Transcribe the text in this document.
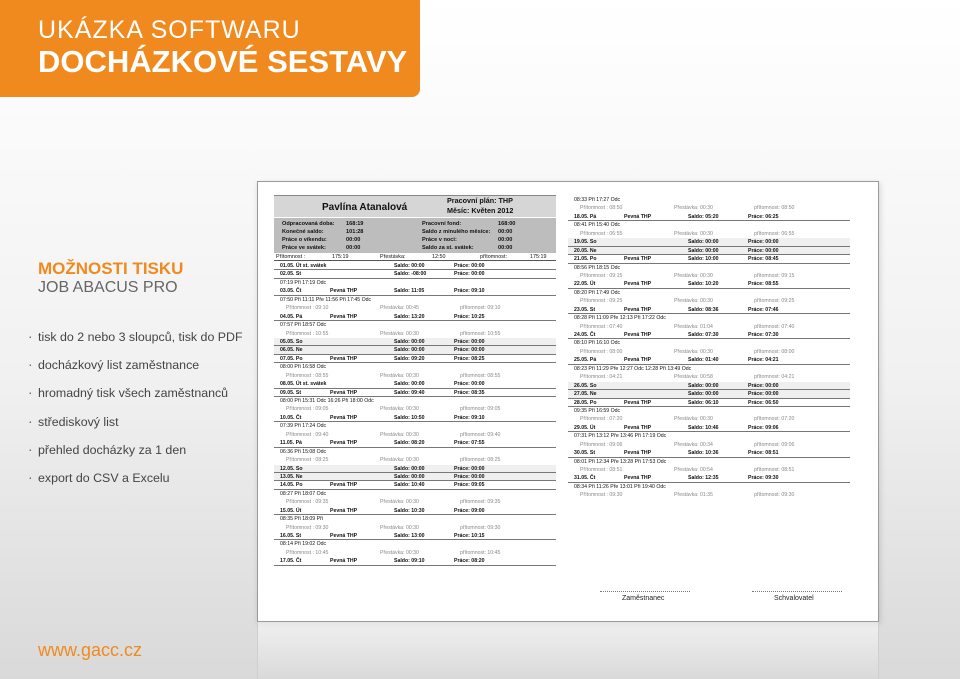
UKÁZKA SOFTWARU
DOCHÁZKOVÉ SESTAVY
MOŽNOSTI TISKU
JOB ABACUS PRO
· tisk do 2 nebo 3 sloupců, tisk do PDF
· docházkový list zaměstnance
· hromadný tisk všech zaměstnanců
· střediskový list
· přehled docházky za 1 den
· export do CSV a Excelu
www.gacc.cz
Pavlína Atanalová
Pracovní plán: THP
Měsíc: Květen 2012
Odpracovaná doba: 168:19	Pracovní fond:	168:00
Konečné saldo:	101:28	Saldo z minulého měsíce: 00:00
Práce o víkendu:	00:00	Práce v noci:	00:00
Práce ve svátek:	00:00	Saldo za st. svátek:	00:00
Přítomnost :	175:19	Přestávka:	12:50	přítomnost:	175:19
01.05. Út st. svátek	Saldo: 00:00	Práce: 00:00
02.05. St	Saldo: -08:00	Práce: 00:00
07:19 Při 17:19 Odc
03.05. Čt	Pevná THP	Saldo: 11:05	Práce: 09:10
07:50 Při 11:11 Pře 11:56 Při 17:45 Odc
Přítomnost : 09:10	Přestávka: 00:45	přítomnost: 09:10
04.05. Pá	Pevná THP	Saldo: 13:20	Práce: 10:25
07:57 Při 18:57 Odc
Přítomnost : 10:55	Přestávka: 00:30	přítomnost: 10:55
05.05. So	Saldo: 00:00	Práce: 00:00
06.05. Ne	Saldo: 00:00	Práce: 00:00
07.05. Po	Pevná THP	Saldo: 09:20	Práce: 08:25
08:00 Při 16:58 Odc
Přítomnost : 08:55	Přestávka: 00:30	přítomnost: 08:55
08.05. Út st. svátek	Saldo: 00:00	Práce: 00:00
09.05. St	Pevná THP	Saldo: 09:40	Práce: 08:35
08:00 Při 15:31 Odc 16:26 Při 18:00 Odc
Přítomnost : 09:05	Přestávka: 00:30	přítomnost: 09:05
10.05. Čt	Pevná THP	Saldo: 10:50	Práce: 09:10
07:39 Při 17:24 Odc
Přítomnost : 09:40	Přestávka: 00:30	přítomnost: 09:40
11.05. Pá	Pevná THP	Saldo: 08:20	Práce: 07:55
06:36 Při 15:08 Odc
Přítomnost : 08:25	Přestávka: 00:30	přítomnost: 08:25
12.05. So	Saldo: 00:00	Práce: 00:00
13.05. Ne	Saldo: 00:00	Práce: 00:00
14.05. Po	Pevná THP	Saldo: 10:40	Práce: 09:05
08:27 Při 18:07 Odc
Přítomnost : 09:35	Přestávka: 00:30	přítomnost: 09:35
15.05. Út	Pevná THP	Saldo: 10:30	Práce: 09:00
08:35 Při 18:09 Při
Přítomnost : 09:30	Přestávka: 00:30	přítomnost: 09:30
16.05. St	Pevná THP	Saldo: 13:00	Práce: 10:15
08:14 Při 19:02 Odc
Přítomnost : 10:45	Přestávka: 00:30	přítomnost: 10:45
17.05. Čt	Pevná THP	Saldo: 09:10	Práce: 08:20
08:33 Při 17:27 Odc
Přítomnost : 08:50	Přestávka: 00:30	přítomnost: 08:50
18.05. Pá	Pevná THP	Saldo: 05:20	Práce: 06:25
08:41 Při 15:40 Odc
Přítomnost : 06:55	Přestávka: 00:30	přítomnost: 06:55
19.05. So	Saldo: 00:00	Práce: 00:00
20.05. Ne	Saldo: 00:00	Práce: 00:00
21.05. Po	Pevná THP	Saldo: 10:00	Práce: 08:45
08:56 Při 18:15 Odc
Přítomnost : 09:15	Přestávka: 00:30	přítomnost: 09:15
22.05. Út	Pevná THP	Saldo: 10:20	Práce: 08:55
08:20 Při 17:49 Odc
Přítomnost : 09:25	Přestávka: 00:30	přítomnost: 09:25
23.05. St	Pevná THP	Saldo: 08:36	Práce: 07:46
08:28 Při 11:09 Pře 12:13 Při 17:22 Odc
Přítomnost : 07:40	Přestávka: 01:04	přítomnost: 07:40
24.05. Čt	Pevná THP	Saldo: 07:30	Práce: 07:30
08:10 Při 16:10 Odc
Přítomnost : 08:00	Přestávka: 00:30	přítomnost: 08:00
25.05. Pá	Pevná THP	Saldo: 01:40	Práce: 04:21
08:23 Při 11:29 Pře 12:27 Odc 12:28 Při 13:49 Odc
Přítomnost : 04:21	Přestávka: 00:58	přítomnost: 04:21
26.05. So	Saldo: 00:00	Práce: 00:00
27.05. Ne	Saldo: 00:00	Práce: 00:00
28.05. Po	Pevná THP	Saldo: 06:10	Práce: 06:50
09:35 Při 16:59 Odc
Přítomnost : 07:20	Přestávka: 00:30	přítomnost: 07:20
29.05. Út	Pevná THP	Saldo: 10:46	Práce: 09:06
07:31 Při 13:12 Pře 13:46 Při 17:19 Odc
Přítomnost : 09:06	Přestávka: 00:34	přítomnost: 09:06
30.05. St	Pevná THP	Saldo: 10:36	Práce: 08:51
08:01 Při 12:34 Pře 13:28 Při 17:53 Odc
Přítomnost : 08:51	Přestávka: 00:54	přítomnost: 08:51
31.05. Čt	Pevná THP	Saldo: 12:35	Práce: 09:30
08:34 Při 11:26 Pře 13:01 Při 19:40 Odc
Přítomnost : 09:30	Přestávka: 01:35	přítomnost: 09:30
Zaměstnanec	Schvalovatel
